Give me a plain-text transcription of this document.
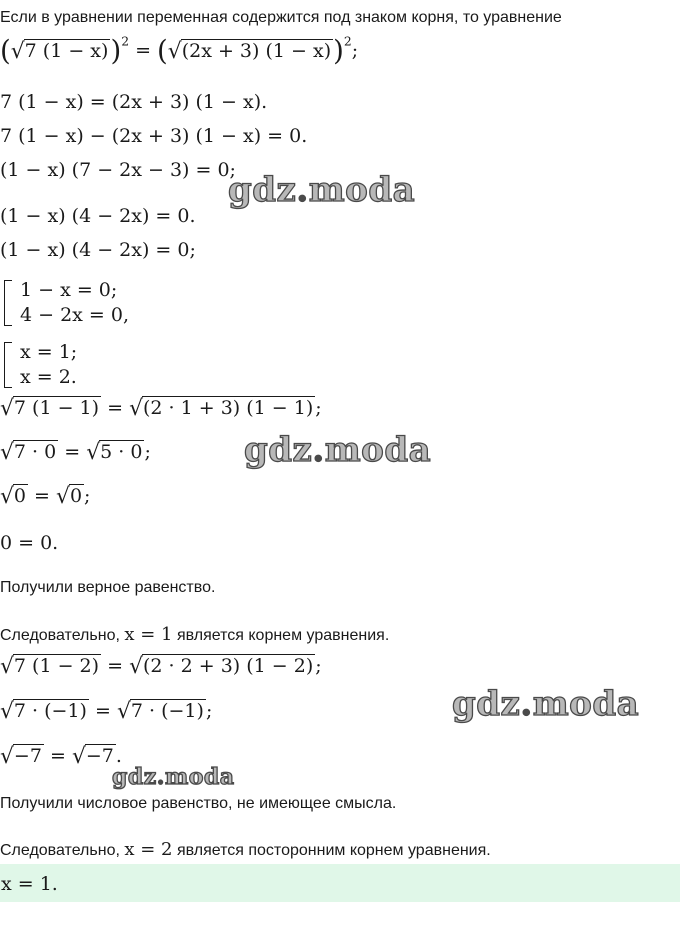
Если в уравнении переменная содержится под знаком корня, то уравнение
(√7 (1 − x))$^2$ = (√(2x + 3) (1 − x))$^2$;
7 (1 − x) = (2x + 3) (1 − x).
7 (1 − x) − (2x + 3) (1 − x) = 0.
(1 − x) (7 − 2x − 3) = 0;
(1 − x) (4 − 2x) = 0.
(1 − x) (4 − 2x) = 0;
1 − x = 0;
4 − 2x = 0,
x = 1;
x = 2.
√7 (1 − 1) = √(2 · 1 + 3) (1 − 1) ;
√7 · 0 = √5 · 0 ;
√0 = √0 ;
0 = 0.
Получили верное равенство.
Следовательно, x = 1 является корнем уравнения.
√7 (1 − 2) = √(2 · 2 + 3) (1 − 2) ;
√7 · (−1) = √7 · (−1) ;
√−7 = √−7 .
Получили числовое равенство, не имеющее смысла.
Следовательно, x = 2 является посторонним корнем уравнения.
x = 1.
gdz.moda
gdz.moda
gdz.moda
gdz.moda
